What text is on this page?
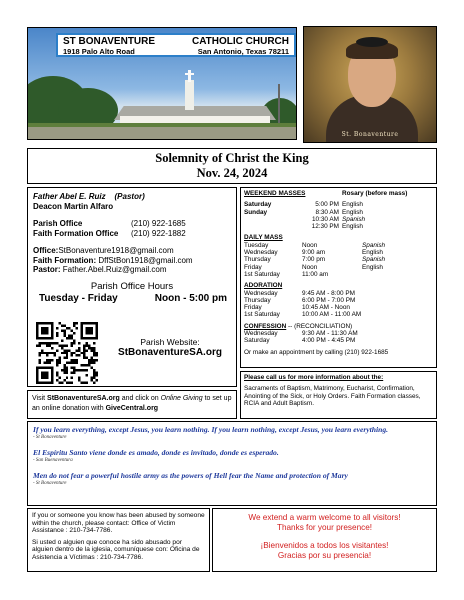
ST BONAVENTURE	CATHOLIC CHURCH
1918 Palo Alto Road	San Antonio, Texas 78211
St. Bonaventure
Solemnity of Christ the King
Nov. 24, 2024
Father Abel E. Ruiz (Pastor)
Deacon Martin Alfaro
Parish Office	(210) 922-1685
Faith Formation Office	(210) 922-1882
Office:StBonaventure1918@gmail.com
Faith Formation: DffStBon1918@gmail.com
Pastor: Father.Abel.Ruiz@gmail.com
Parish Office Hours
Tuesday - Friday	Noon - 5:00 pm
Parish Website:
StBonaventureSA.org
Visit StBonaventureSA.org and click on Online Giving to set up an online donation with GiveCentral.org
WEEKEND MASSES	Rosary (before mass)
Saturday	5:00 PM English
Sunday	8:30 AM English
10:30 AM Spanish
12:30 PM English
DAILY MASS
Tuesday	Noon	Spanish
Wednesday	9:00 am	English
Thursday	7:00 pm	Spanish
Friday	Noon	English
1st Saturday	11:00 am
ADORATION
Wednesday	9:45 AM - 8:00 PM
Thursday	6:00 PM - 7:00 PM
Friday	10:45 AM - Noon
1st Saturday	10:00 AM - 11:00 AM
CONFESSION -- (RECONCILIATION)
Wednesday	9:30 AM - 11:30 AM
Saturday	4:00 PM - 4:45 PM
Or make an appointment by calling (210) 922-1685
Please call us for more information about the:
Sacraments of Baptism, Matrimony, Eucharist, Confirmation, Anointing of the Sick, or Holy Orders. Faith Formation classes, RCIA and Adult Baptism.
If you learn everything, except Jesus, you learn nothing. If you learn nothing, except Jesus, you learn everything.
- St Bonaventure
El Espíritu Santo viene donde es amado, donde es invitado, donde es esperado.
- San Buenaventura
Men do not fear a powerful hostile army as the powers of Hell fear the Name and protection of Mary
- St Bonaventure
If you or someone you know has been abused by someone within the church, please contact: Office of Victim Assistance : 210-734-7786.
Si usted o alguien que conoce ha sido abusado por alguien dentro de la iglesia, comuníquese con: Oficina de Asistencia a Víctimas : 210-734-7786.
We extend a warm welcome to all visitors!
Thanks for your presence!
¡Bienvenidos a todos los visitantes!
Gracias por su presencia!
